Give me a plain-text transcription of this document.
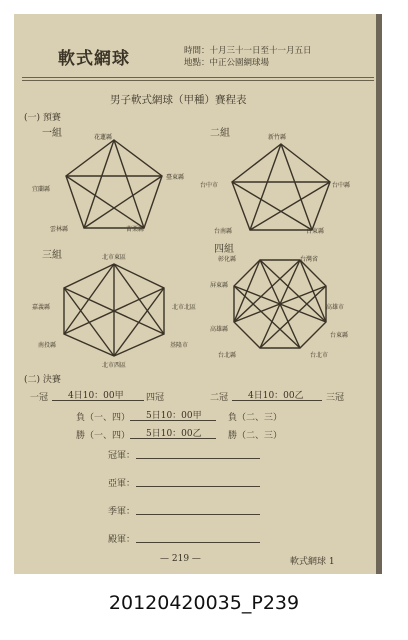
軟式網球	時間：十月三十一日至十一月五日
地點：中正公園網球場
男子軟式網球（甲種）賽程表
(一) 預賽
一組	花蓮縣
宜蘭縣
臺東縣
雲林縣	苗栗縣
二組	新竹縣
台中市	台中縣
台南縣	台東縣
三組	北市東區
嘉義縣	北市北區
南投縣	基隆市
北市西區
四組
彰化縣	台灣省
屏東縣
高雄市
高雄縣
台東縣
台北縣	台北市
(二) 決賽
一冠 4日10：00甲 四冠	二冠 4日10：00乙 三冠
負（一、四） 5日10：00甲	負（二、三）
勝（一、四） 5日10：00乙	勝（二、三）
冠軍：
亞軍：
季軍：
殿軍：
— 219 —	軟式網球 1
20120420035_P239
